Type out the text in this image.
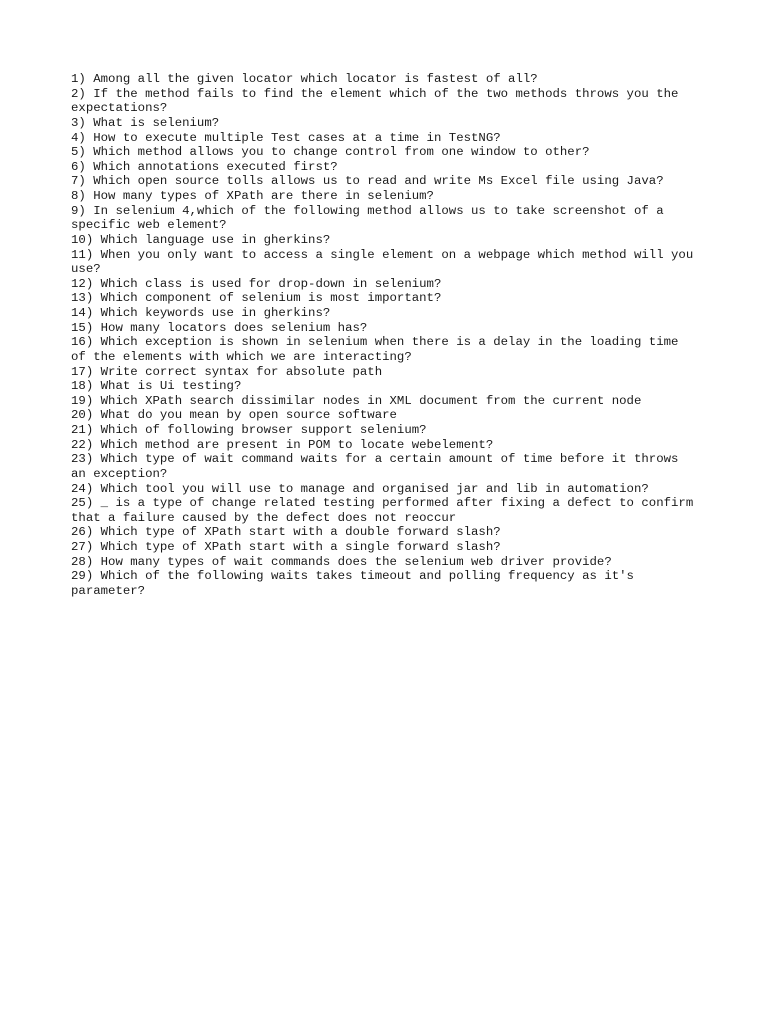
1) Among all the given locator which locator is fastest of all?
2) If the method fails to find the element which of the two methods throws you the expectations?
3) What is selenium?
4) How to execute multiple Test cases at a time in TestNG?
5) Which method allows you to change control from one window to other?
6) Which annotations executed first?
7) Which open source tolls allows us to read and write Ms Excel file using Java?
8) How many types of XPath are there in selenium?
9) In selenium 4,which of the following method allows us to take screenshot of a specific web element?
10) Which language use in gherkins?
11) When you only want to access a single element on a webpage which method will you use?
12) Which class is used for drop-down in selenium?
13) Which component of selenium is most important?
14) Which keywords use in gherkins?
15) How many locators does selenium has?
16) Which exception is shown in selenium when there is a delay in the loading time of the elements with which we are interacting?
17) Write correct syntax for absolute path
18) What is Ui testing?
19) Which XPath search dissimilar nodes in XML document from the current node
20) What do you mean by open source software
21) Which of following browser support selenium?
22) Which method are present in POM to locate webelement?
23) Which type of wait command waits for a certain amount of time before it throws an exception?
24) Which tool you will use to manage and organised jar and lib in automation?
25) _ is a type of change related testing performed after fixing a defect to confirm that a failure caused by the defect does not reoccur
26) Which type of XPath start with a double forward slash?
27) Which type of XPath start with a single forward slash?
28) How many types of wait commands does the selenium web driver provide?
29) Which of the following waits takes timeout and polling frequency as it's parameter?
